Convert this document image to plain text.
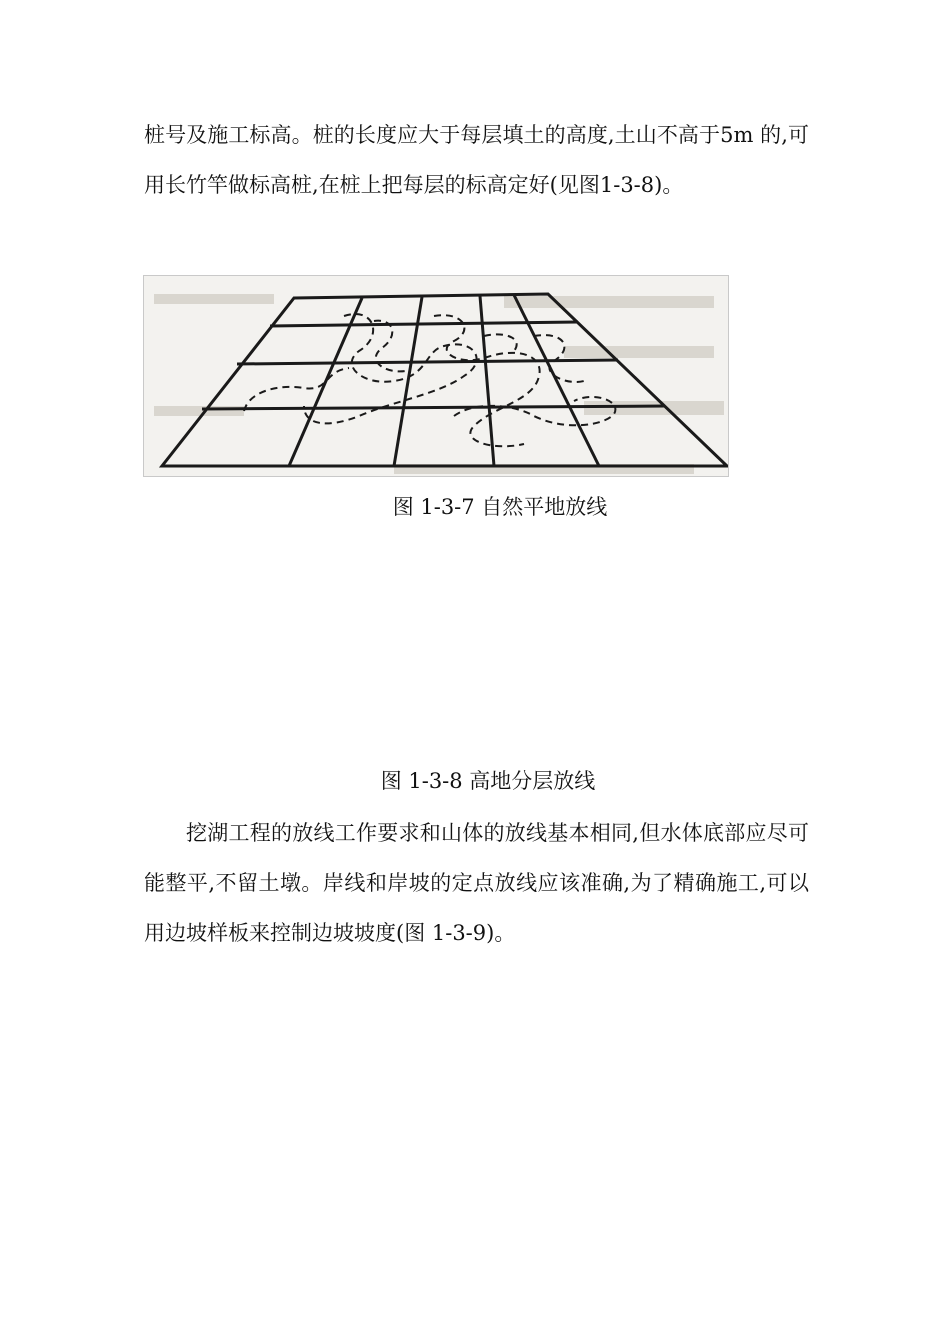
桩号及施工标高。桩的长度应大于每层填土的高度,土山不高于5m 的,可用长竹竿做标高桩,在桩上把每层的标高定好(见图1-3-8)。

图 1-3-7 自然平地放线

图 1-3-8 高地分层放线

挖湖工程的放线工作要求和山体的放线基本相同,但水体底部应尽可能整平,不留土墩。岸线和岸坡的定点放线应该准确,为了精确施工,可以用边坡样板来控制边坡坡度(图 1-3-9)。
